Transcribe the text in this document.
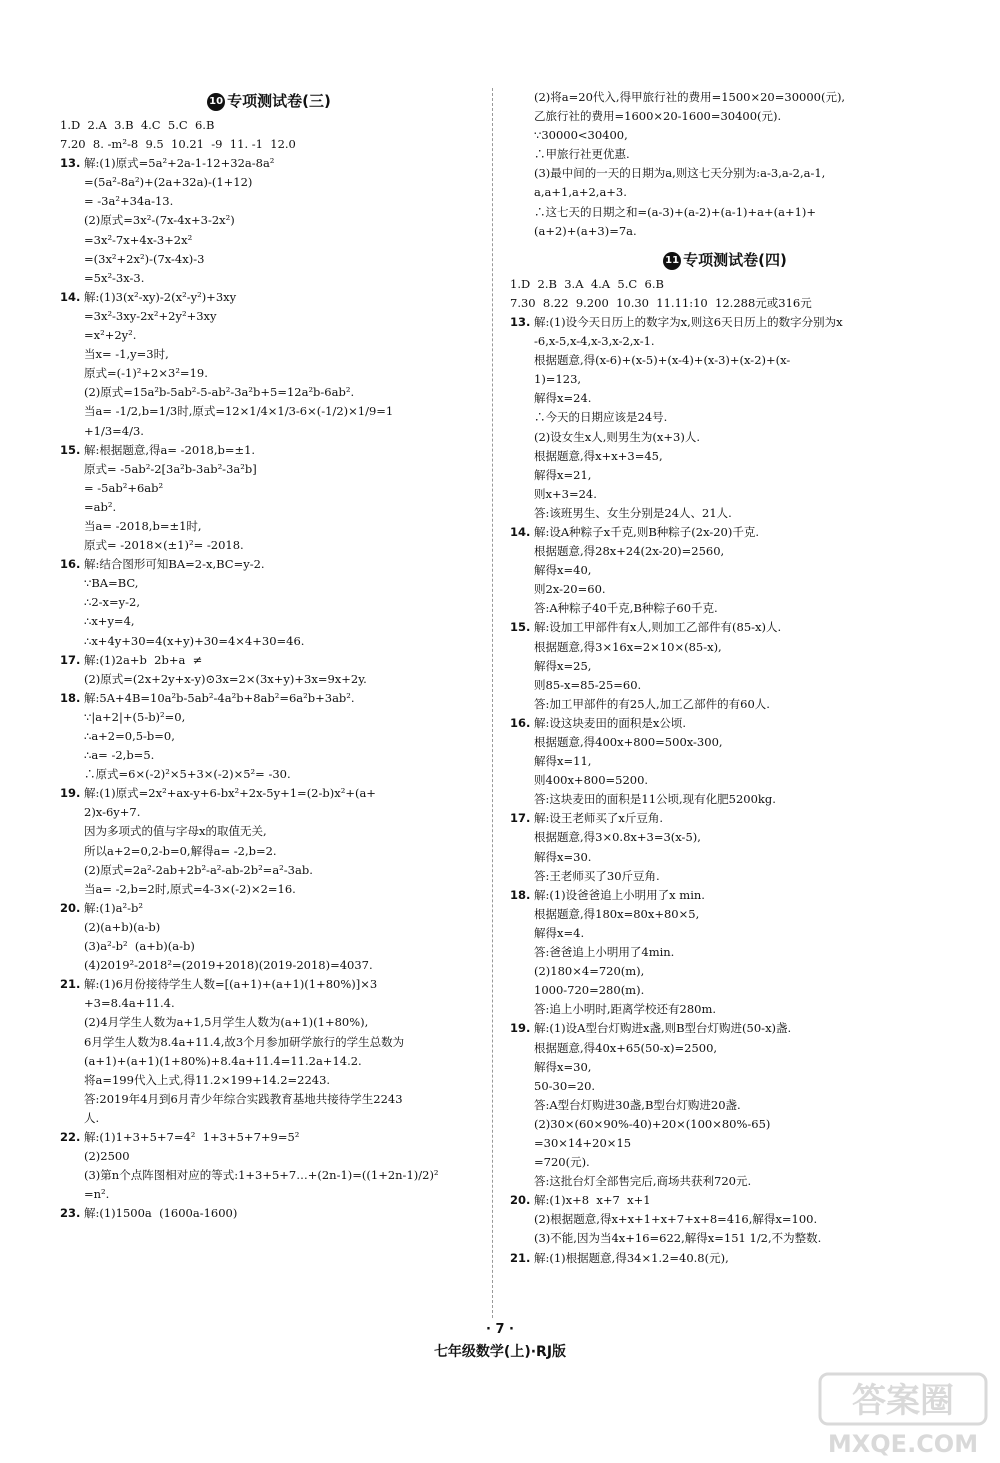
10 专项测试卷(三)
1.D  2.A  3.B  4.C  5.C  6.B
7.20  8. -m²-8  9.5  10.21  -9  11. -1  12.0
13. 解:(1)原式=5a²+2a-1-12+32a-8a²
=(5a²-8a²)+(2a+32a)-(1+12)
= -3a²+34a-13.
(2)原式=3x²-(7x-4x+3-2x²)
=3x²-7x+4x-3+2x²
=(3x²+2x²)-(7x-4x)-3
=5x²-3x-3.
14. 解:(1)3(x²-xy)-2(x²-y²)+3xy
=3x²-3xy-2x²+2y²+3xy
=x²+2y².
当x= -1,y=3时,
原式=(-1)²+2×3²=19.
(2)原式=15a²b-5ab²-5-ab²-3a²b+5=12a²b-6ab².
当a= -1/2,b=1/3时,原式=12×1/4×1/3-6×(-1/2)×1/9=1
+1/3=4/3.
15. 解:根据题意,得a= -2018,b=±1.
原式= -5ab²-2[3a²b-3ab²-3a²b]
= -5ab²+6ab²
=ab².
当a= -2018,b=±1时,
原式= -2018×(±1)²= -2018.
16. 解:结合图形可知BA=2-x,BC=y-2.
∵BA=BC,
∴2-x=y-2,
∴x+y=4,
∴x+4y+30=4(x+y)+30=4×4+30=46.
17. 解:(1)2a+b  2b+a  ≠
(2)原式=(2x+2y+x-y)⊙3x=2×(3x+y)+3x=9x+2y.
18. 解:5A+4B=10a²b-5ab²-4a²b+8ab²=6a²b+3ab².
∵|a+2|+(5-b)²=0,
∴a+2=0,5-b=0,
∴a= -2,b=5.
∴原式=6×(-2)²×5+3×(-2)×5²= -30.
19. 解:(1)原式=2x²+ax-y+6-bx²+2x-5y+1=(2-b)x²+(a+
2)x-6y+7.
因为多项式的值与字母x的取值无关,
所以a+2=0,2-b=0,解得a= -2,b=2.
(2)原式=2a²-2ab+2b²-a²-ab-2b²=a²-3ab.
当a= -2,b=2时,原式=4-3×(-2)×2=16.
20. 解:(1)a²-b²
(2)(a+b)(a-b)
(3)a²-b²  (a+b)(a-b)
(4)2019²-2018²=(2019+2018)(2019-2018)=4037.
21. 解:(1)6月份接待学生人数=[(a+1)+(a+1)(1+80%)]×3
+3=8.4a+11.4.
(2)4月学生人数为a+1,5月学生人数为(a+1)(1+80%),
6月学生人数为8.4a+11.4,故3个月参加研学旅行的学生总数为
(a+1)+(a+1)(1+80%)+8.4a+11.4=11.2a+14.2.
将a=199代入上式,得11.2×199+14.2=2243.
答:2019年4月到6月青少年综合实践教育基地共接待学生2243
人.
22. 解:(1)1+3+5+7=4²  1+3+5+7+9=5²
(2)2500
(3)第n个点阵图相对应的等式:1+3+5+7…+(2n-1)=((1+2n-1)/2)²
=n².
23. 解:(1)1500a  (1600a-1600)
(2)将a=20代入,得甲旅行社的费用=1500×20=30000(元),
乙旅行社的费用=1600×20-1600=30400(元).
∵30000<30400,
∴甲旅行社更优惠.
(3)最中间的一天的日期为a,则这七天分别为:a-3,a-2,a-1,
a,a+1,a+2,a+3.
∴这七天的日期之和=(a-3)+(a-2)+(a-1)+a+(a+1)+
(a+2)+(a+3)=7a.
11 专项测试卷(四)
1.D  2.B  3.A  4.A  5.C  6.B
7.30  8.22  9.200  10.30  11.11:10  12.288元或316元
13. 解:(1)设今天日历上的数字为x,则这6天日历上的数字分别为x
-6,x-5,x-4,x-3,x-2,x-1.
根据题意,得(x-6)+(x-5)+(x-4)+(x-3)+(x-2)+(x-
1)=123,
解得x=24.
∴今天的日期应该是24号.
(2)设女生x人,则男生为(x+3)人.
根据题意,得x+x+3=45,
解得x=21,
则x+3=24.
答:该班男生、女生分别是24人、21人.
14. 解:设A种粽子x千克,则B种粽子(2x-20)千克.
根据题意,得28x+24(2x-20)=2560,
解得x=40,
则2x-20=60.
答:A种粽子40千克,B种粽子60千克.
15. 解:设加工甲部件有x人,则加工乙部件有(85-x)人.
根据题意,得3×16x=2×10×(85-x),
解得x=25,
则85-x=85-25=60.
答:加工甲部件的有25人,加工乙部件的有60人.
16. 解:设这块麦田的面积是x公顷.
根据题意,得400x+800=500x-300,
解得x=11,
则400x+800=5200.
答:这块麦田的面积是11公顷,现有化肥5200kg.
17. 解:设王老师买了x斤豆角.
根据题意,得3×0.8x+3=3(x-5),
解得x=30.
答:王老师买了30斤豆角.
18. 解:(1)设爸爸追上小明用了x min.
根据题意,得180x=80x+80×5,
解得x=4.
答:爸爸追上小明用了4min.
(2)180×4=720(m),
1000-720=280(m).
答:追上小明时,距离学校还有280m.
19. 解:(1)设A型台灯购进x盏,则B型台灯购进(50-x)盏.
根据题意,得40x+65(50-x)=2500,
解得x=30,
50-30=20.
答:A型台灯购进30盏,B型台灯购进20盏.
(2)30×(60×90%-40)+20×(100×80%-65)
=30×14+20×15
=720(元).
答:这批台灯全部售完后,商场共获利720元.
20. 解:(1)x+8  x+7  x+1
(2)根据题意,得x+x+1+x+7+x+8=416,解得x=100.
(3)不能,因为当4x+16=622,解得x=151 1/2,不为整数.
21. 解:(1)根据题意,得34×1.2=40.8(元),
· 7 ·
七年级数学(上)·RJ版
答案圈
MXQE.COM
